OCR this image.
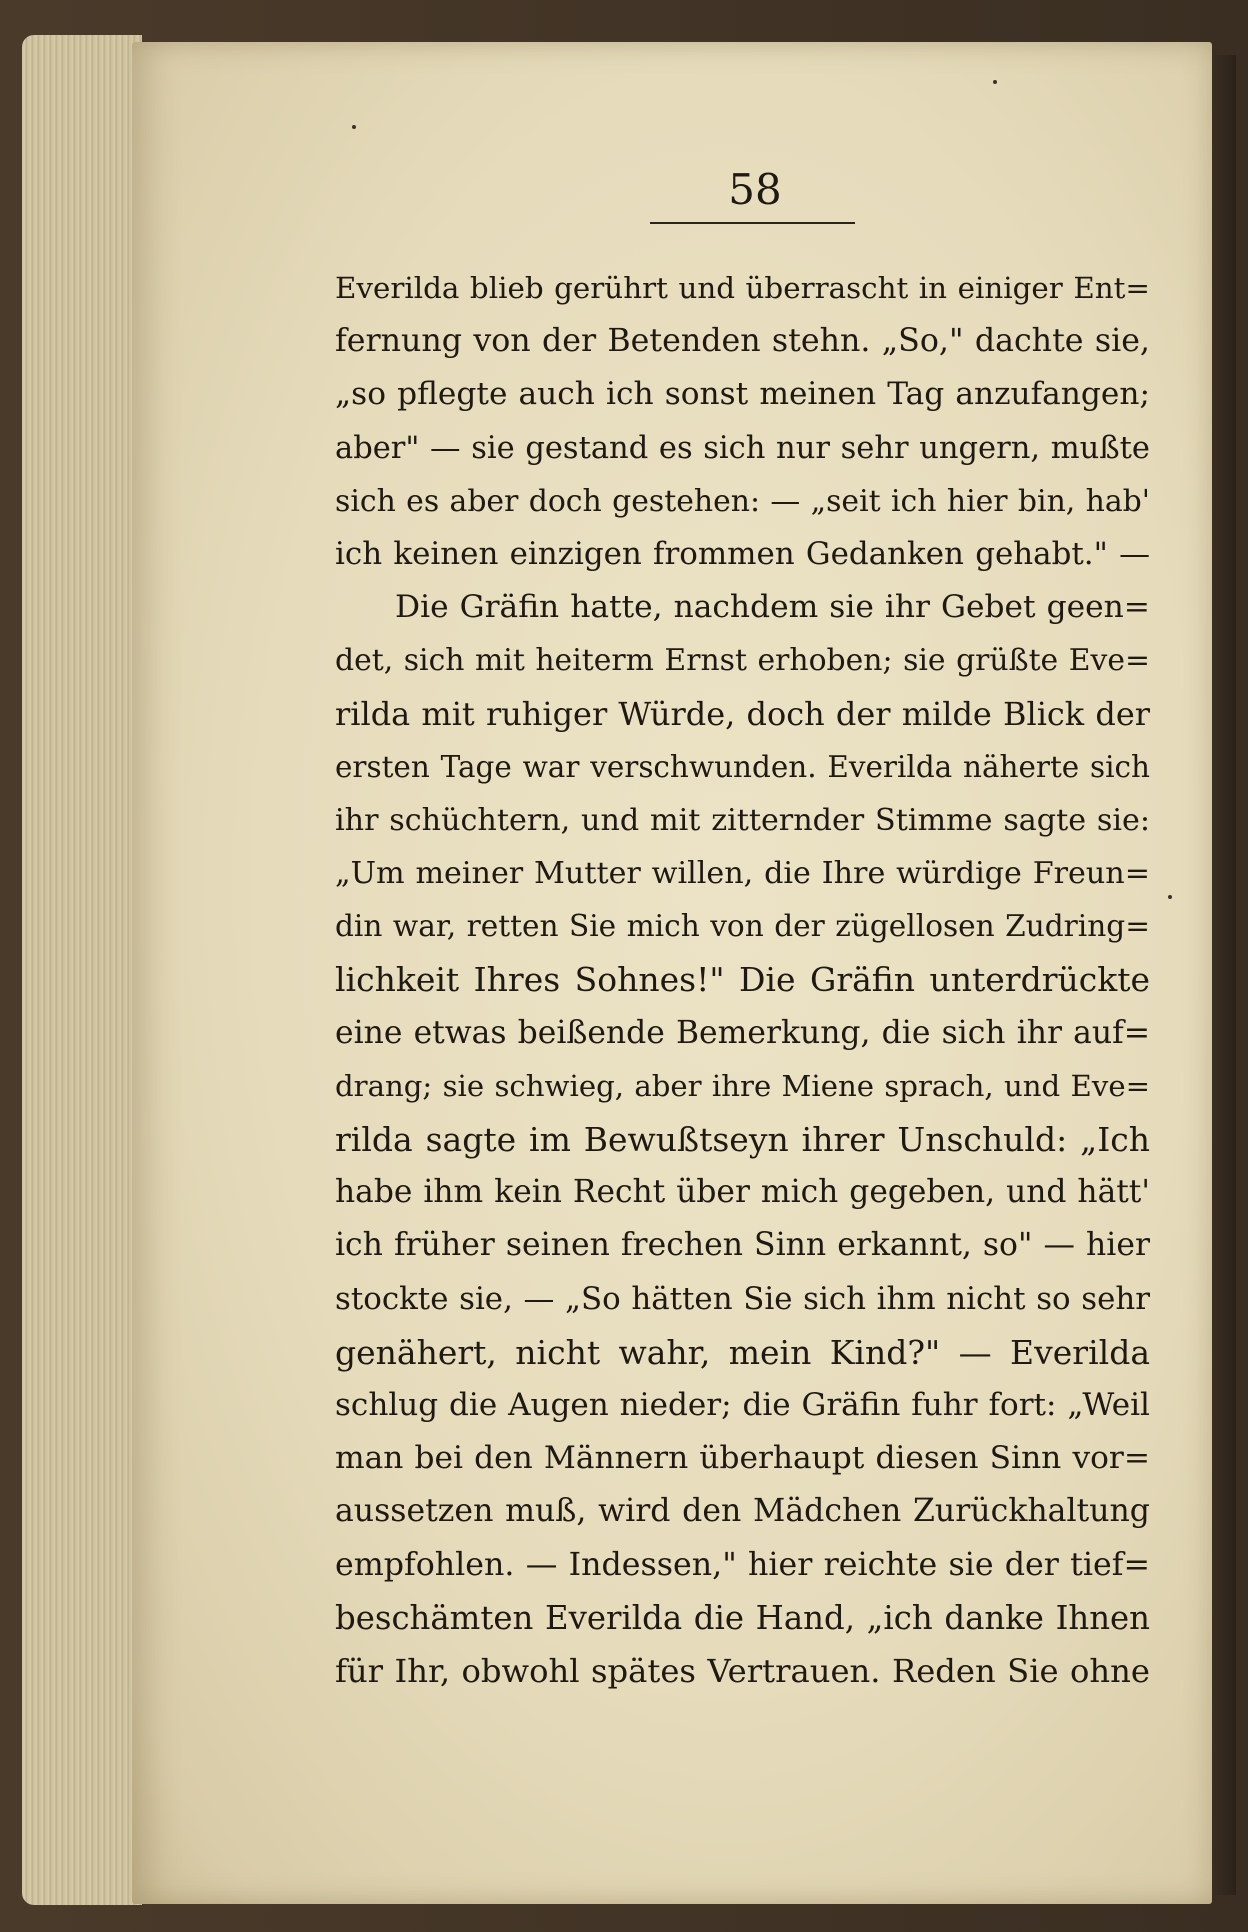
58
Everilda blieb gerührt und überrascht in einiger Ent=
fernung von der Betenden stehn. „So," dachte sie,
„so pflegte auch ich sonst meinen Tag anzufangen;
aber" — sie gestand es sich nur sehr ungern, mußte
sich es aber doch gestehen: — „seit ich hier bin, hab'
ich keinen einzigen frommen Gedanken gehabt." —
Die Gräfin hatte, nachdem sie ihr Gebet geen=
det, sich mit heiterm Ernst erhoben; sie grüßte Eve=
rilda mit ruhiger Würde, doch der milde Blick der
ersten Tage war verschwunden. Everilda näherte sich
ihr schüchtern, und mit zitternder Stimme sagte sie:
„Um meiner Mutter willen, die Ihre würdige Freun=
din war, retten Sie mich von der zügellosen Zudring=
lichkeit Ihres Sohnes!" Die Gräfin unterdrückte
eine etwas beißende Bemerkung, die sich ihr auf=
drang; sie schwieg, aber ihre Miene sprach, und Eve=
rilda sagte im Bewußtseyn ihrer Unschuld: „Ich
habe ihm kein Recht über mich gegeben, und hätt'
ich früher seinen frechen Sinn erkannt, so" — hier
stockte sie, — „So hätten Sie sich ihm nicht so sehr
genähert, nicht wahr, mein Kind?" — Everilda
schlug die Augen nieder; die Gräfin fuhr fort: „Weil
man bei den Männern überhaupt diesen Sinn vor=
aussetzen muß, wird den Mädchen Zurückhaltung
empfohlen. — Indessen," hier reichte sie der tief=
beschämten Everilda die Hand, „ich danke Ihnen
für Ihr, obwohl spätes Vertrauen. Reden Sie ohne
